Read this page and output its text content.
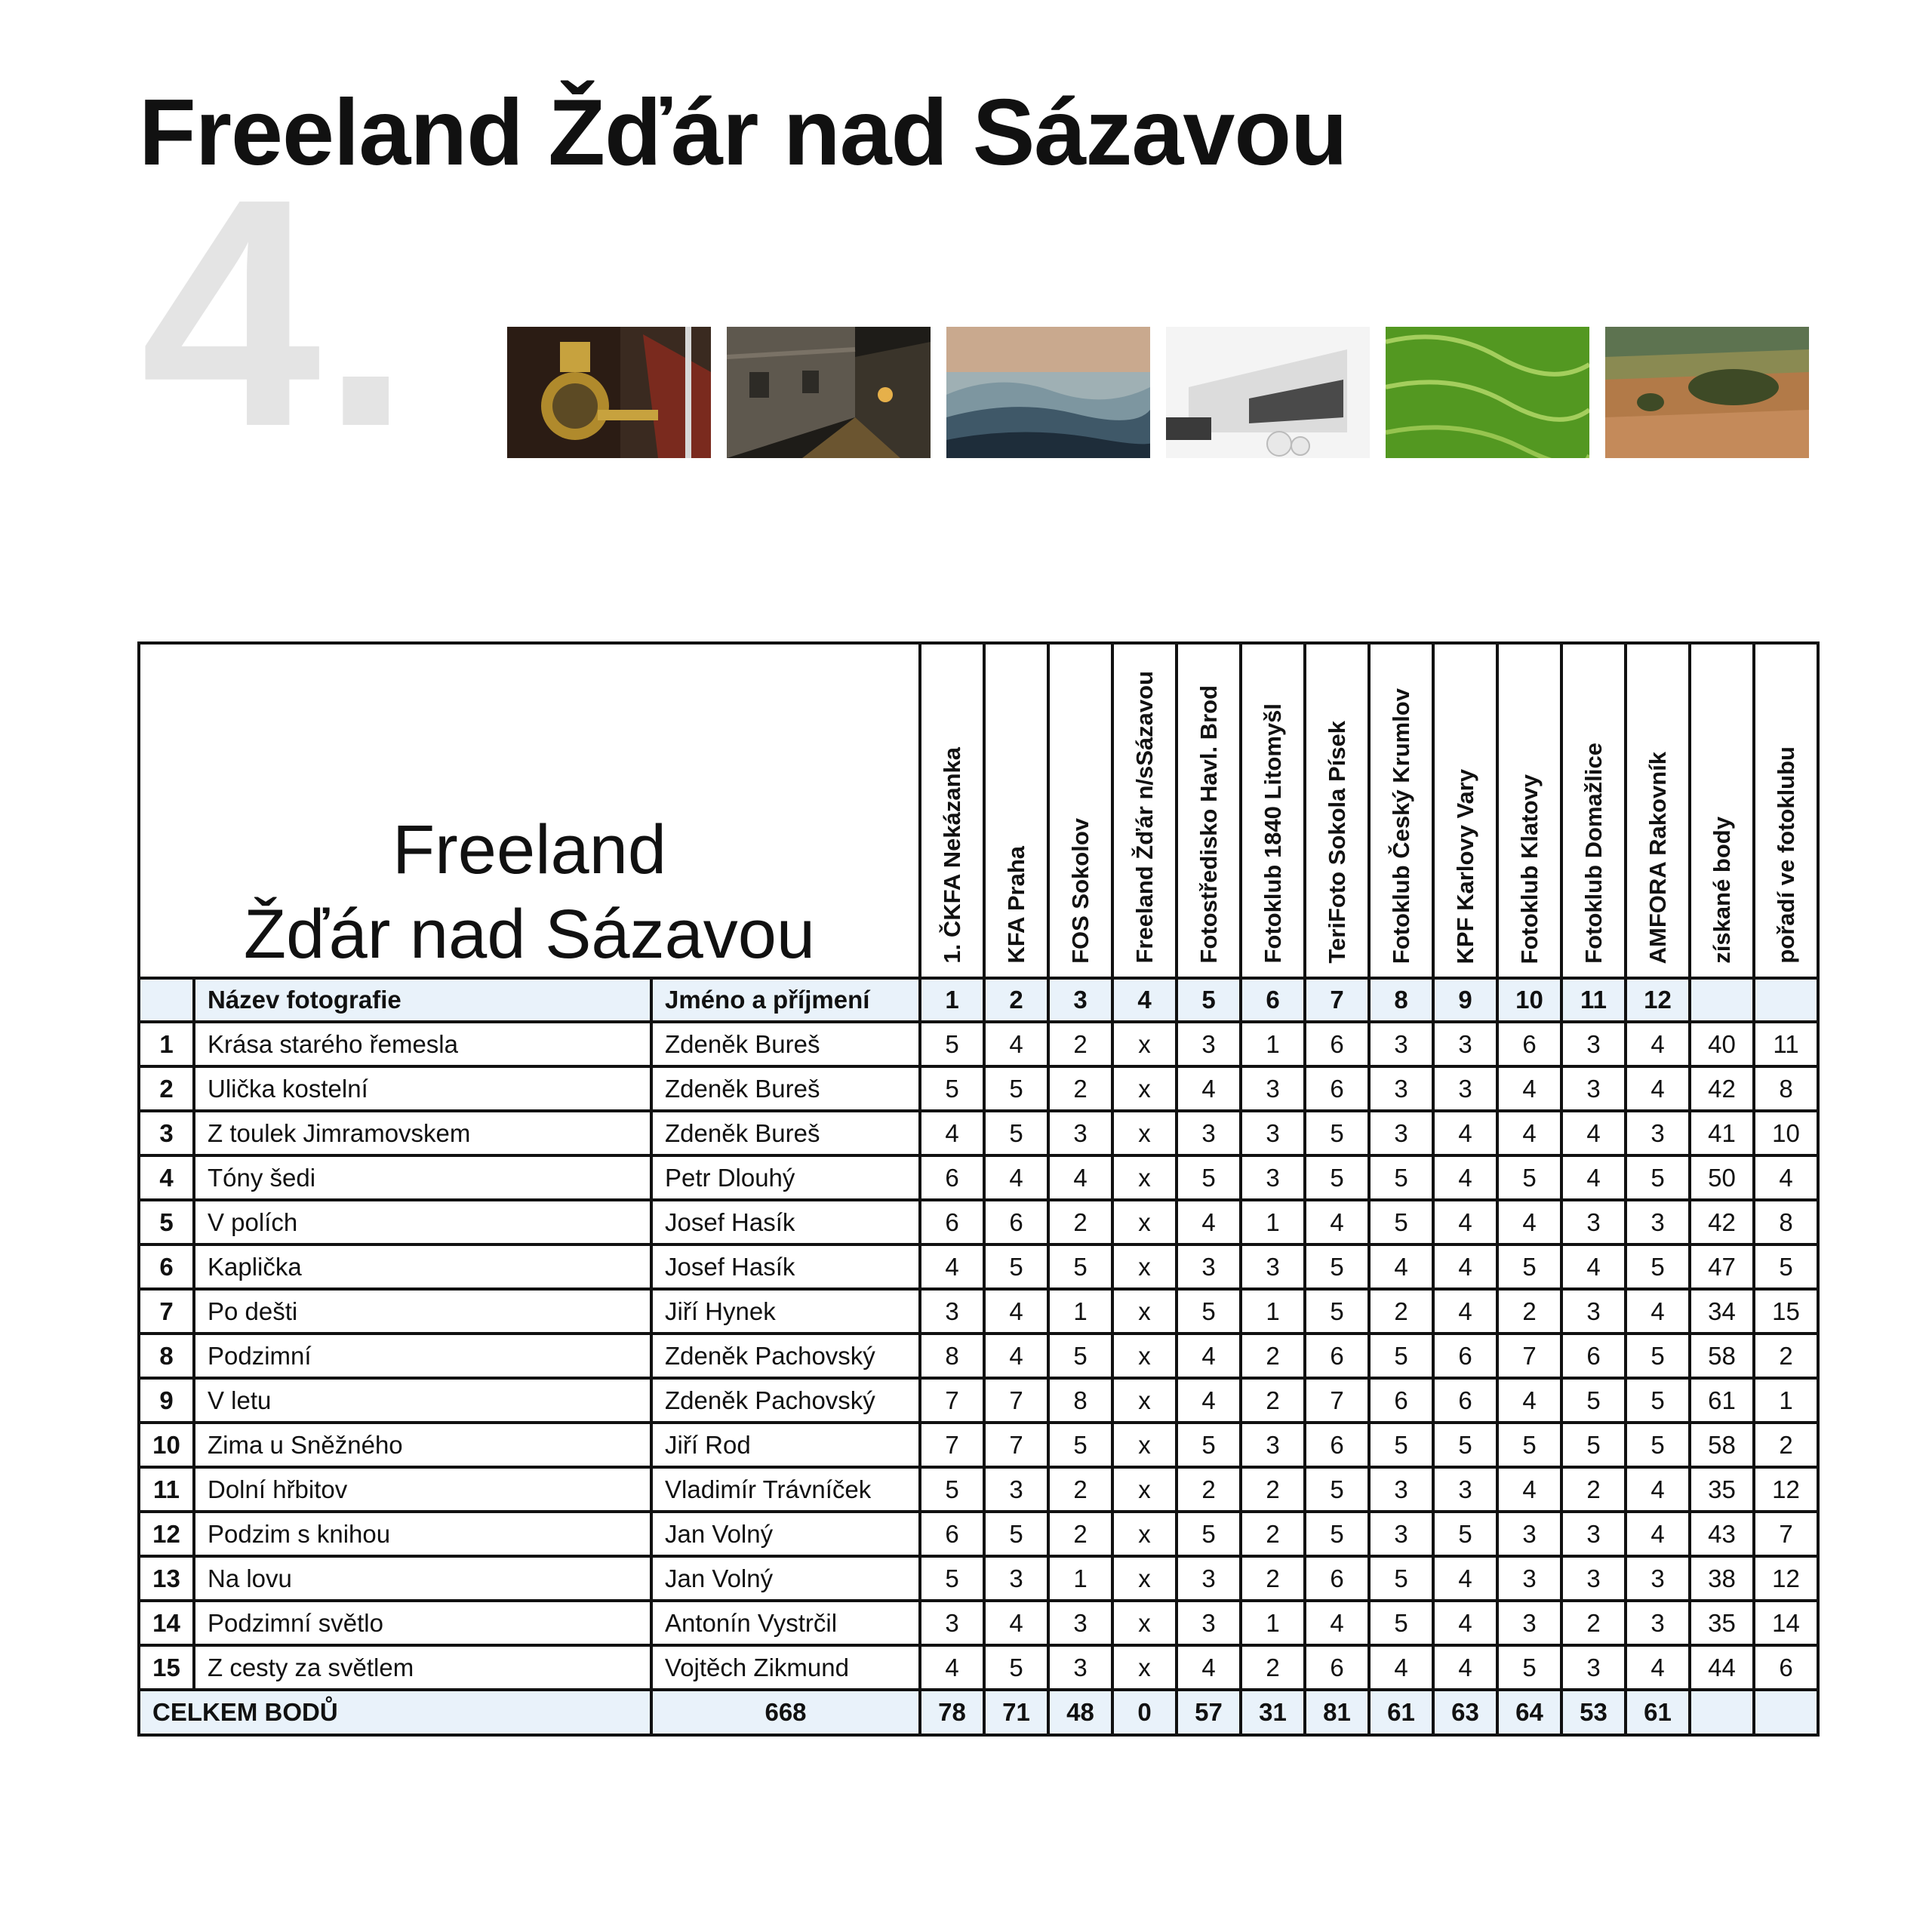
Freeland Žďár nad Sázavou
4.
Freeland
Žďár nad Sázavou			1. ČKFA Nekázanka	KFA Praha	FOS Sokolov	Freeland Žďár n/sSázavou	Fotostředisko Havl. Brod	Fotoklub 1840 Litomyšl	TeriFoto Sokola Písek	Fotoklub Český Krumlov	KPF Karlovy Vary	Fotoklub Klatovy	Fotoklub Domažlice	AMFORA Rakovník	získané body	pořadí ve fotoklubu
	Název fotografie	Jméno a příjmení	1	2	3	4	5	6	7	8	9	10	11	12		
1	Krása starého řemesla	Zdeněk Bureš	5	4	2	x	3	1	6	3	3	6	3	4	40	11
2	Ulička kostelní	Zdeněk Bureš	5	5	2	x	4	3	6	3	3	4	3	4	42	8
3	Z toulek Jimramovskem	Zdeněk Bureš	4	5	3	x	3	3	5	3	4	4	4	3	41	10
4	Tóny šedi	Petr Dlouhý	6	4	4	x	5	3	5	5	4	5	4	5	50	4
5	V polích	Josef Hasík	6	6	2	x	4	1	4	5	4	4	3	3	42	8
6	Kaplička	Josef Hasík	4	5	5	x	3	3	5	4	4	5	4	5	47	5
7	Po dešti	Jiří Hynek	3	4	1	x	5	1	5	2	4	2	3	4	34	15
8	Podzimní	Zdeněk Pachovský	8	4	5	x	4	2	6	5	6	7	6	5	58	2
9	V letu	Zdeněk Pachovský	7	7	8	x	4	2	7	6	6	4	5	5	61	1
10	Zima u Sněžného	Jiří Rod	7	7	5	x	5	3	6	5	5	5	5	5	58	2
11	Dolní hřbitov	Vladimír Trávníček	5	3	2	x	2	2	5	3	3	4	2	4	35	12
12	Podzim s knihou	Jan Volný	6	5	2	x	5	2	5	3	5	3	3	4	43	7
13	Na lovu	Jan Volný	5	3	1	x	3	2	6	5	4	3	3	3	38	12
14	Podzimní světlo	Antonín Vystrčil	3	4	3	x	3	1	4	5	4	3	2	3	35	14
15	Z cesty za světlem	Vojtěch Zikmund	4	5	3	x	4	2	6	4	4	5	3	4	44	6
CELKEM BODŮ		668	78	71	48	0	57	31	81	61	63	64	53	61		
